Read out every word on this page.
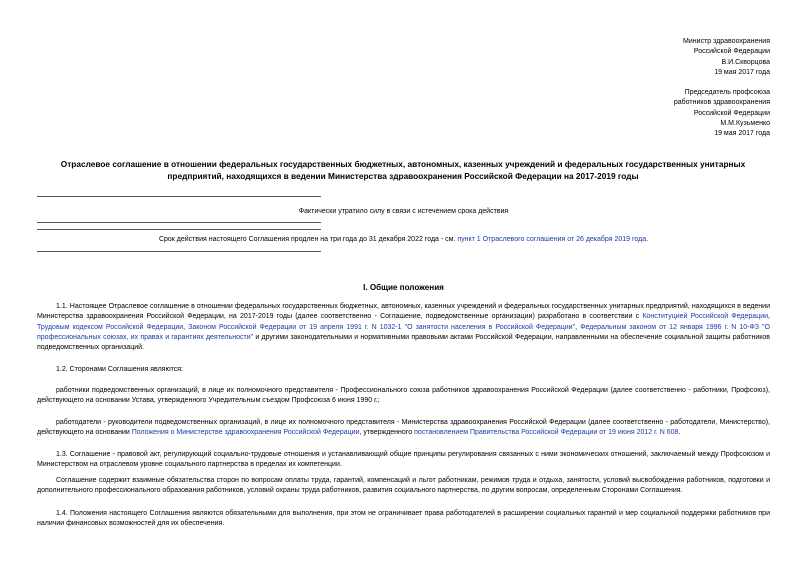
Министр здравоохранения
Российской Федерации
В.И.Скворцова
19 мая 2017 года
Председатель профсоюза
работников здравоохранения
Российской Федерации
М.М.Кузьменко
19 мая 2017 года
Отраслевое соглашение в отношении федеральных государственных бюджетных, автономных, казенных учреждений и федеральных государственных унитарных
предприятий, находящихся в ведении Министерства здравоохранения Российской Федерации на 2017-2019 годы
Фактически утратило силу в связи с истечением срока действия
Срок действия настоящего Соглашения продлен на три года до 31 декабря 2022 года - см. пункт 1 Отраслевого соглашения от 26 декабря 2019 года.
I. Общие положения
1.1. Настоящее Отраслевое соглашение в отношении федеральных государственных бюджетных, автономных, казенных учреждений и федеральных государственных унитарных предприятий, находящихся в ведении Министерства здравоохранения Российской Федерации, на 2017-2019 годы (далее соответственно - Соглашение, подведомственные организации) разработано в соответствии с Конституцией Российской Федерации, Трудовым кодексом Российской Федерации, Законом Российской Федерации от 19 апреля 1991 г. N 1032-1 "О занятости населения в Российской Федерации", Федеральным законом от 12 января 1996 г. N 10-ФЗ "О профессиональных союзах, их правах и гарантиях деятельности" и другими законодательными и нормативными правовыми актами Российской Федерации, направленными на обеспечение социальной защиты работников подведомственных организаций.
1.2. Сторонами Соглашения являются:
работники подведомственных организаций, в лице их полномочного представителя - Профессионального союза работников здравоохранения Российской Федерации (далее соответственно - работники, Профсоюз), действующего на основании Устава, утвержденного Учредительным съездом Профсоюза 6 июня 1990 г.;
работодатели - руководители подведомственных организаций, в лице их полномочного представителя - Министерства здравоохранения Российской Федерации (далее соответственно - работодатели, Министерство), действующего на основании Положения о Министерстве здравоохранения Российской Федерации, утвержденного постановлением Правительства Российской Федерации от 19 июня 2012 г. N 608.
1.3. Соглашение - правовой акт, регулирующий социально-трудовые отношения и устанавливающий общие принципы регулирования связанных с ними экономических отношений, заключаемый между Профсоюзом и Министерством на отраслевом уровне социального партнерства в пределах их компетенции.
Соглашение содержит взаимные обязательства сторон по вопросам оплаты труда, гарантий, компенсаций и льгот работникам, режимов труда и отдыха, занятости, условий высвобождения работников, подготовки и дополнительного профессионального образования работников, условий охраны труда работников, развития социального партнерства, по другим вопросам, определенным Сторонами Соглашения.
1.4. Положения настоящего Соглашения являются обязательными для выполнения, при этом не ограничивает права работодателей в расширении социальных гарантий и мер социальной поддержки работников при наличии финансовых возможностей для их обеспечения.
